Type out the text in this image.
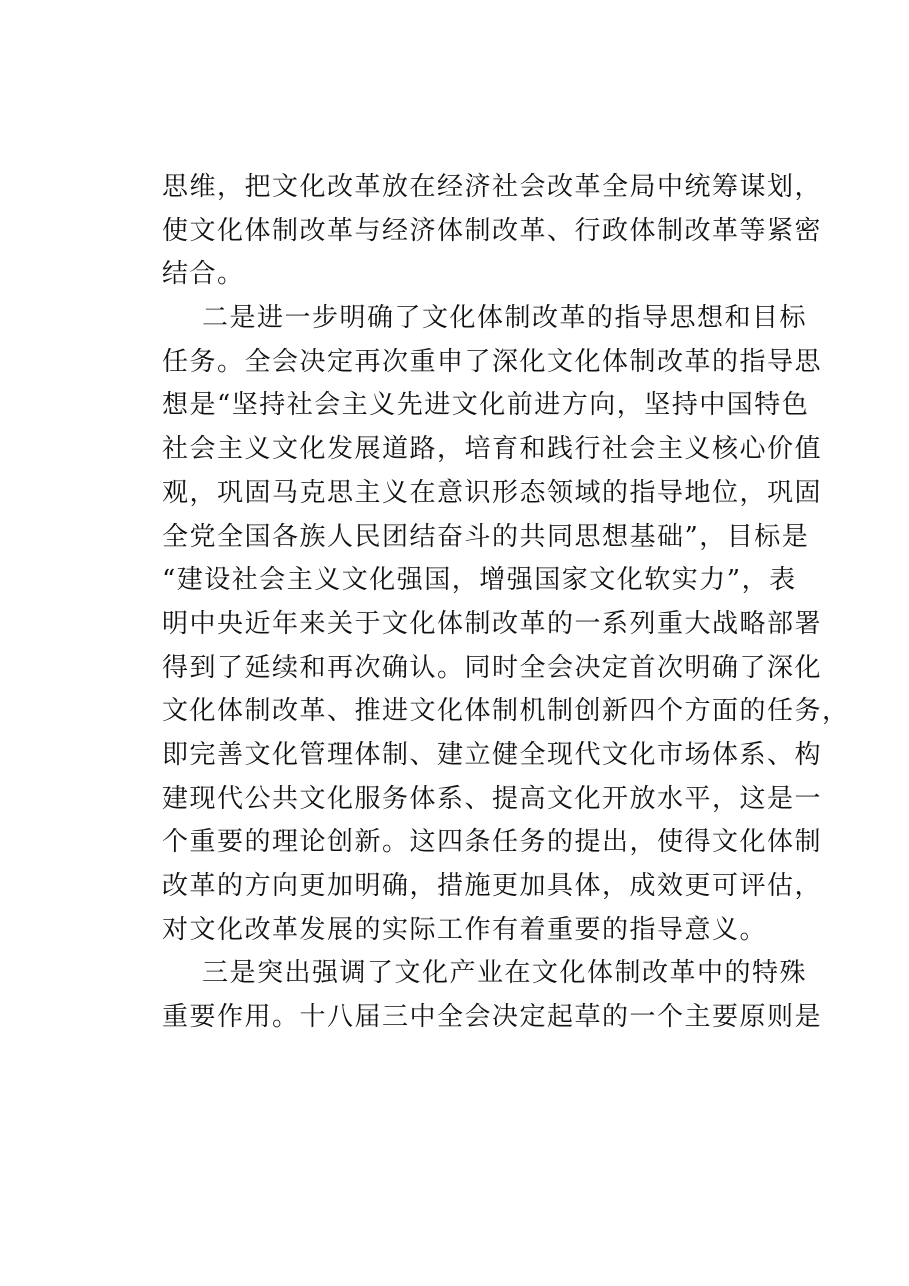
思维，把文化改革放在经济社会改革全局中统筹谋划，
使文化体制改革与经济体制改革、行政体制改革等紧密
结合。
二是进一步明确了文化体制改革的指导思想和目标
任务。全会决定再次重申了深化文化体制改革的指导思
想是“坚持社会主义先进文化前进方向，坚持中国特色
社会主义文化发展道路，培育和践行社会主义核心价值
观，巩固马克思主义在意识形态领域的指导地位，巩固
全党全国各族人民团结奋斗的共同思想基础”，目标是
“建设社会主义文化强国，增强国家文化软实力”，表
明中央近年来关于文化体制改革的一系列重大战略部署
得到了延续和再次确认。同时全会决定首次明确了深化
文化体制改革、推进文化体制机制创新四个方面的任务，
即完善文化管理体制、建立健全现代文化市场体系、构
建现代公共文化服务体系、提高文化开放水平，这是一
个重要的理论创新。这四条任务的提出，使得文化体制
改革的方向更加明确，措施更加具体，成效更可评估，
对文化改革发展的实际工作有着重要的指导意义。
三是突出强调了文化产业在文化体制改革中的特殊
重要作用。十八届三中全会决定起草的一个主要原则是
